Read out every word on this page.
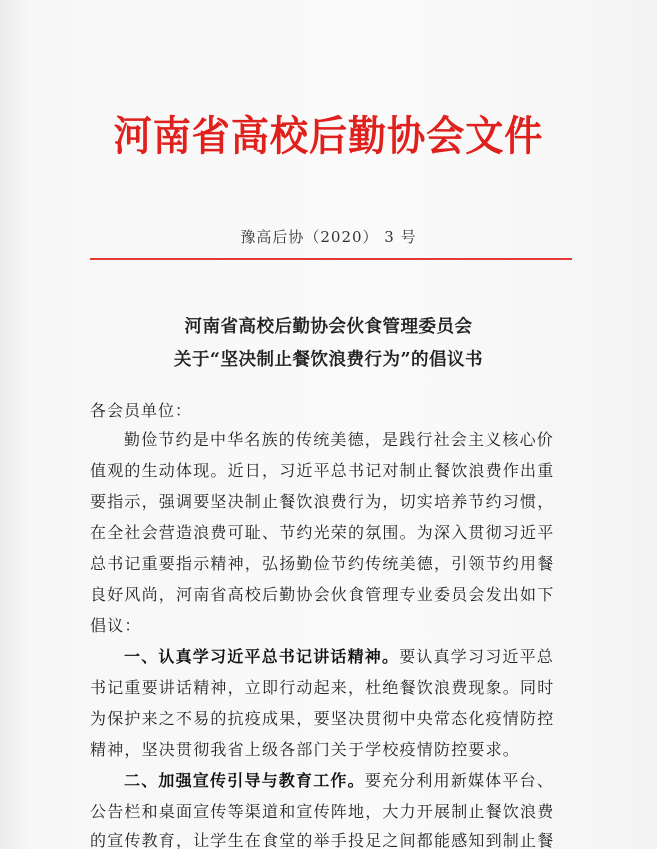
河南省高校后勤协会文件
豫高后协（2020） 3 号
河南省高校后勤协会伙食管理委员会
关于“坚决制止餐饮浪费行为”的倡议书
各会员单位：
勤俭节约是中华名族的传统美德，是践行社会主义核心价
值观的生动体现。近日，习近平总书记对制止餐饮浪费作出重
要指示，强调要坚决制止餐饮浪费行为，切实培养节约习惯，
在全社会营造浪费可耻、节约光荣的氛围。为深入贯彻习近平
总书记重要指示精神，弘扬勤俭节约传统美德，引领节约用餐
良好风尚，河南省高校后勤协会伙食管理专业委员会发出如下
倡议：
一、认真学习近平总书记讲话精神。要认真学习习近平总
书记重要讲话精神，立即行动起来，杜绝餐饮浪费现象。同时
为保护来之不易的抗疫成果，要坚决贯彻中央常态化疫情防控
精神，坚决贯彻我省上级各部门关于学校疫情防控要求。
二、加强宣传引导与教育工作。要充分利用新媒体平台、
公告栏和桌面宣传等渠道和宣传阵地，大力开展制止餐饮浪费
的宣传教育，让学生在食堂的举手投足之间都能感知到制止餐
